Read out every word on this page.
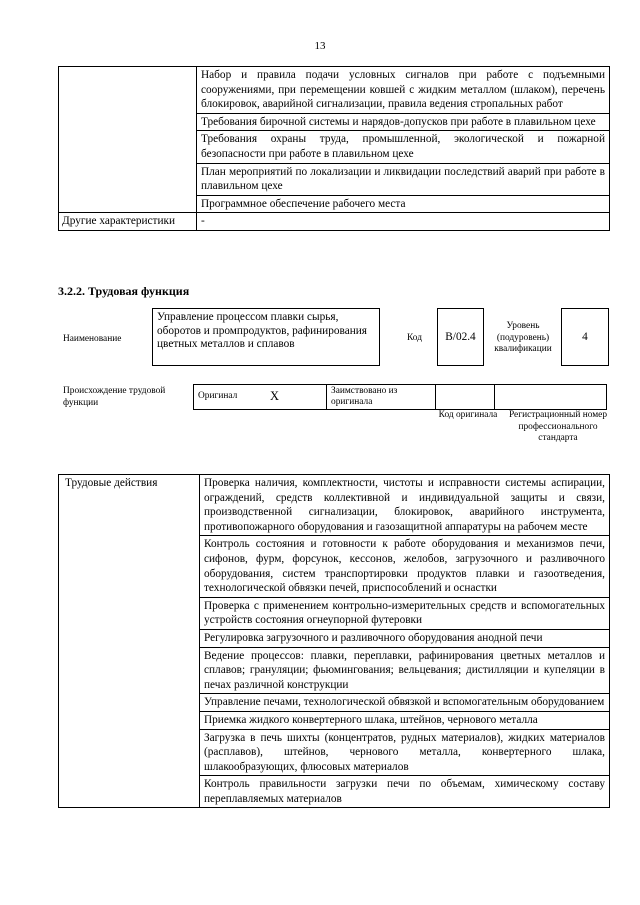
13
	Набор и правила подачи условных сигналов при работе с подъемными сооружениями, при перемещении ковшей с жидким металлом (шлаком), перечень блокировок, аварийной сигнализации, правила ведения стропальных работ
	Требования бирочной системы и нарядов-допусков при работе в плавильном цехе
	Требования охраны труда, промышленной, экологической и пожарной безопасности при работе в плавильном цехе
	План мероприятий по локализации и ликвидации последствий аварий при работе в плавильном цехе
	Программное обеспечение рабочего места
Другие характеристики	-
3.2.2. Трудовая функция
Наименование
Управление процессом плавки сырья, оборотов и промпродуктов, рафинирования цветных металлов и сплавов	Код	B/02.4
Уровень (подуровень) квалификации
4
Происхождение трудовой функции
Оригинал	X	Заимствовано из оригинала		
Код оригинала Регистрационный номер профессионального стандарта
Трудовые действия	Проверка наличия, комплектности, чистоты и исправности системы аспирации, ограждений, средств коллективной и индивидуальной защиты и связи, производственной сигнализации, блокировок, аварийного инструмента, противопожарного оборудования и газозащитной аппаратуры на рабочем месте
Контроль состояния и готовности к работе оборудования и механизмов печи, сифонов, фурм, форсунок, кессонов, желобов, загрузочного и разливочного оборудования, систем транспортировки продуктов плавки и газоотведения, технологической обвязки печей, приспособлений и оснастки
Проверка с применением контрольно-измерительных средств и вспомогательных устройств состояния огнеупорной футеровки
Регулировка загрузочного и разливочного оборудования анодной печи
Ведение процессов: плавки, переплавки, рафинирования цветных металлов и сплавов; грануляции; фьюмингования; вельцевания; дистилляции и купеляции в печах различной конструкции
Управление печами, технологической обвязкой и вспомогательным оборудованием
Приемка жидкого конвертерного шлака, штейнов, чернового металла
Загрузка в печь шихты (концентратов, рудных материалов), жидких материалов (расплавов), штейнов, чернового металла, конвертерного шлака, шлакообразующих, флюсовых материалов
Контроль правильности загрузки печи по объемам, химическому составу переплавляемых материалов
